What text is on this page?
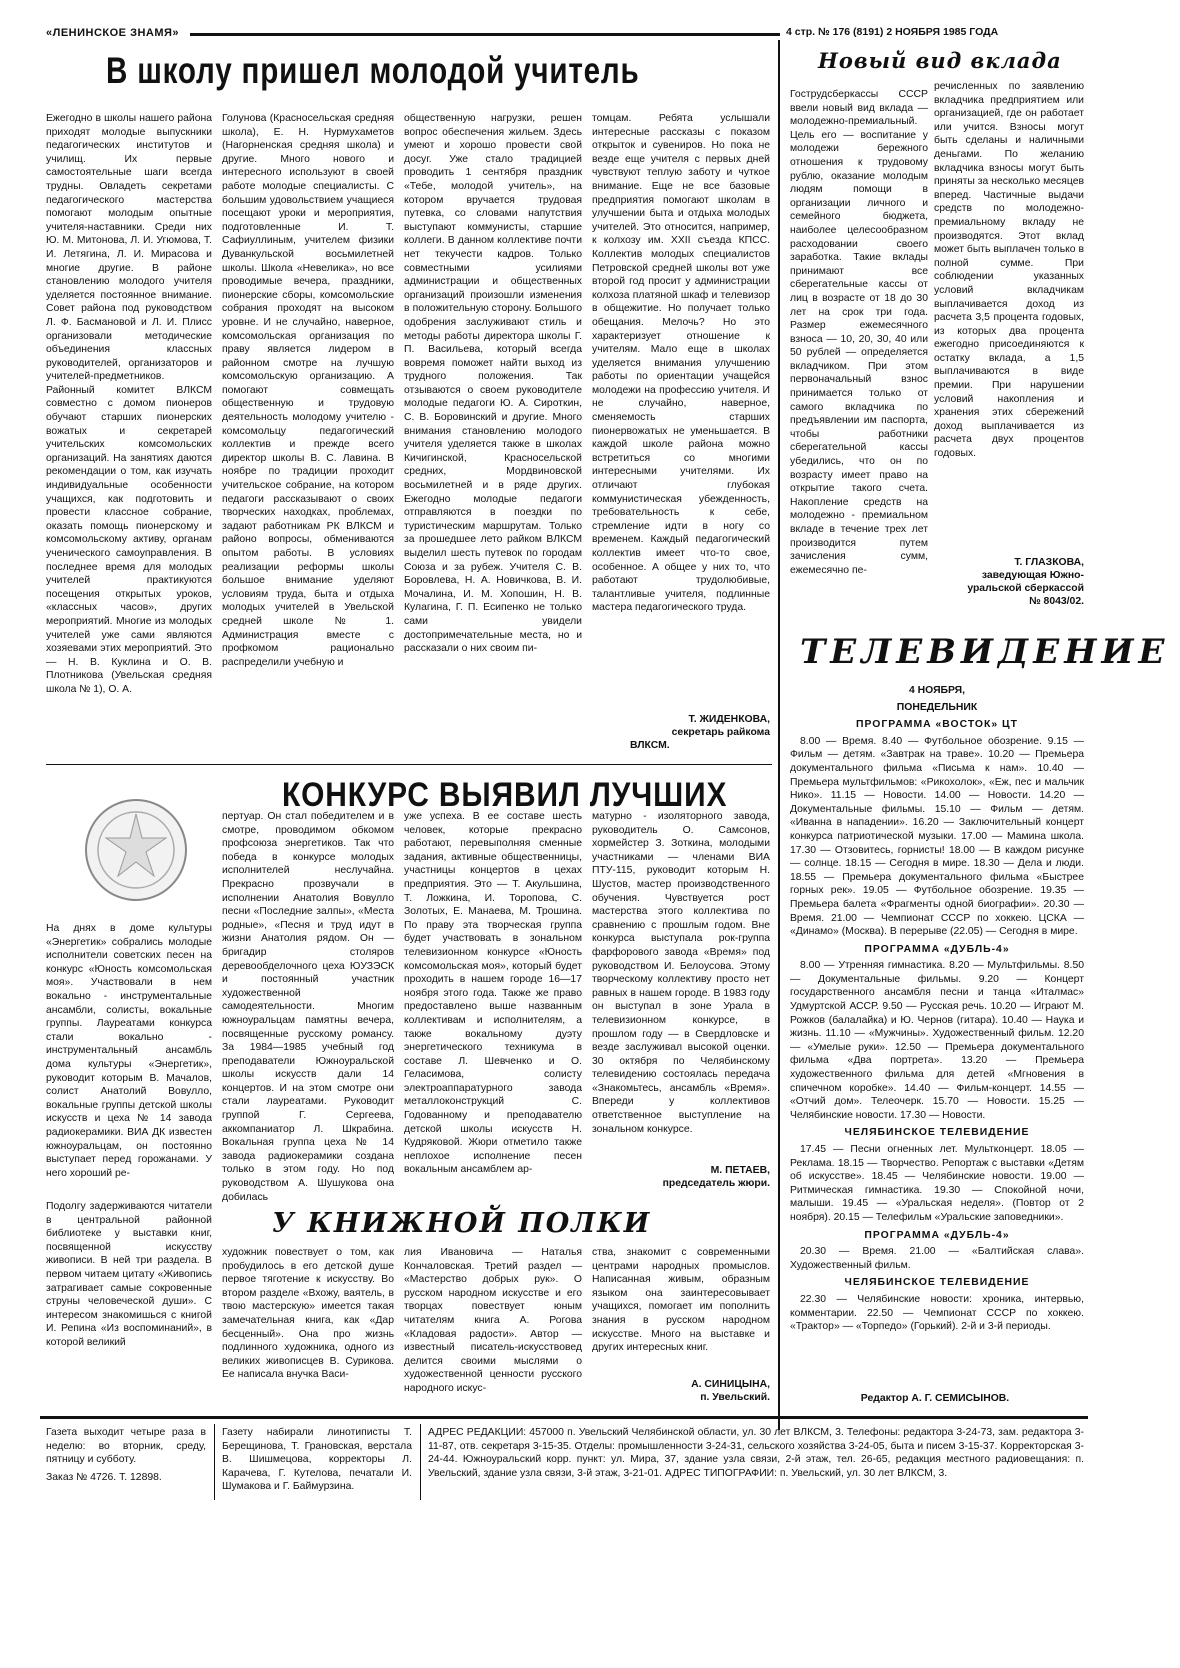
«ЛЕНИНСКОЕ ЗНАМЯ»	4 стр. № 176 (8191) 2 НОЯБРЯ 1985 ГОДА
В школу пришел молодой учитель
Ежегодно в школы нашего района приходят молодые выпускники педагогических институтов и училищ. Их первые самостоятельные шаги всегда трудны. Овладеть секретами педагогического мастерства помогают молодым опытные учителя-наставники. Среди них Ю. М. Митонова, Л. И. Угюмова, Т. И. Летягина, Л. И. Мирасова и многие другие. В районе становлению молодого учителя уделяется постоянное внимание. Совет района под руководством Л. Ф. Басмановой и Л. И. Плисс организовали методические объединения классных руководителей, организаторов и учителей-предметников. Районный комитет ВЛКСМ совместно с домом пионеров обучают старших пионерских вожатых и секретарей учительских комсомольских организаций. На занятиях даются рекомендации о том, как изучать индивидуальные особенности учащихся, как подготовить и провести классное собрание, оказать помощь пионерскому и комсомольскому активу, органам ученического самоуправления. В последнее время для молодых учителей практикуются посещения открытых уроков, «классных часов», других мероприятий. Многие из молодых учителей уже сами являются хозяевами этих мероприятий. Это — Н. В. Куклина и О. В. Плотникова (Увельская средняя школа № 1), О. А.
Голунова (Красносельская средняя школа), Е. Н. Нурмухаметов (Нагорненская средняя школа) и другие. Много нового и интересного используют в своей работе молодые специалисты. С большим удовольствием учащиеся посещают уроки и мероприятия, подготовленные И. Т. Сафиуллиным, учителем физики Дуванкульской восьмилетней школы. Школа «Невелика», но все проводимые вечера, праздники, пионерские сборы, комсомольские собрания проходят на высоком уровне. И не случайно, наверное, комсомольская организация по праву является лидером в районном смотре на лучшую комсомольскую организацию. А помогают совмещать общественную и трудовую деятельность молодому учителю - комсомольцу педагогический коллектив и прежде всего директор школы В. С. Лавина. В ноябре по традиции проходит учительское собрание, на котором педагоги рассказывают о своих творческих находках, проблемах, задают работникам РК ВЛКСМ и районо вопросы, обмениваются опытом работы. В условиях реализации реформы школы большое внимание уделяют условиям труда, быта и отдыха молодых учителей в Увельской средней школе № 1. Администрация вместе с профкомом рационально распределили учебную и
общественную нагрузки, решен вопрос обеспечения жильем. Здесь умеют и хорошо провести свой досуг. Уже стало традицией проводить 1 сентября праздник «Тебе, молодой учитель», на котором вручается трудовая путевка, со словами напутствия выступают коммунисты, старшие коллеги. В данном коллективе почти нет текучести кадров. Только совместными усилиями администрации и общественных организаций произошли изменения в положительную сторону. Большого одобрения заслуживают стиль и методы работы директора школы Г. П. Васильева, который всегда вовремя поможет найти выход из трудного положения. Так отзываются о своем руководителе молодые педагоги Ю. А. Сироткин, С. В. Боровинский и другие. Много внимания становлению молодого учителя уделяется также в школах Кичигинской, Красносельской средних, Мордвиновской восьмилетней и в ряде других. Ежегодно молодые педагоги отправляются в поездки по туристическим маршрутам. Только за прошедшее лето райком ВЛКСМ выделил шесть путевок по городам Союза и за рубеж. Учителя С. В. Боровлева, Н. А. Новичкова, В. И. Мочалина, И. М. Хопошин, Н. В. Кулагина, Г. П. Есипенко не только сами увидели достопримечательные места, но и рассказали о них своим пи-
томцам. Ребята услышали интересные рассказы с показом открыток и сувениров. Но пока не везде еще учителя с первых дней чувствуют теплую заботу и чуткое внимание. Еще не все базовые предприятия помогают школам в улучшении быта и отдыха молодых учителей. Это относится, например, к колхозу им. XXII съезда КПСС. Коллектив молодых специалистов Петровской средней школы вот уже второй год просит у администрации колхоза платяной шкаф и телевизор в общежитие. Но получает только обещания. Мелочь? Но это характеризует отношение к учителям. Мало еще в школах уделяется внимания улучшению работы по ориентации учащейся молодежи на профессию учителя. И не случайно, наверное, сменяемость старших пионервожатых не уменьшается. В каждой школе района можно встретиться со многими интересными учителями. Их отличают глубокая коммунистическая убежденность, требовательность к себе, стремление идти в ногу со временем. Каждый педагогический коллектив имеет что-то свое, особенное. А общее у них то, что работают трудолюбивые, талантливые учителя, подлинные мастера педагогического труда.
Т. ЖИДЕНКОВА,
секретарь райкома
ВЛКСМ.
Новый вид вклада
Гострудсберкассы СССР ввели новый вид вклада — молодежно-премиальный. Цель его — воспитание у молодежи бережного отношения к трудовому рублю, оказание молодым людям помощи в организации личного и семейного бюджета, наиболее целесообразном расходовании своего заработка. Такие вклады принимают все сберегательные кассы от лиц в возрасте от 18 до 30 лет на срок три года. Размер ежемесячного взноса — 10, 20, 30, 40 или 50 рублей — определяется вкладчиком. При этом первоначальный взнос принимается только от самого вкладчика по предъявлении им паспорта, чтобы работники сберегательной кассы убедились, что он по возрасту имеет право на открытие такого счета. Накопление средств на молодежно - премиальном вкладе в течение трех лет производится путем зачисления сумм, ежемесячно пе-
речисленных по заявлению вкладчика предприятием или организацией, где он работает или учится. Взносы могут быть сделаны и наличными деньгами. По желанию вкладчика взносы могут быть приняты за несколько месяцев вперед. Частичные выдачи средств по молодежно-премиальному вкладу не производятся. Этот вклад может быть выплачен только в полной сумме. При соблюдении указанных условий вкладчикам выплачивается доход из расчета 3,5 процента годовых, из которых два процента ежегодно присоединяются к остатку вклада, а 1,5 выплачиваются в виде премии. При нарушении условий накопления и хранения этих сбережений доход выплачивается из расчета двух процентов годовых.
Т. ГЛАЗКОВА,
заведующая Южно-
уральской сберкассой
№ 8043/02.
ТЕЛЕВИДЕНИЕ
4 НОЯБРЯ,
ПОНЕДЕЛЬНИК
ПРОГРАММА «ВОСТОК» ЦТ

8.00 — Время. 8.40 — Футбольное обозрение. 9.15 — Фильм — детям. «Завтрак на траве». 10.20 — Премьера документального фильма «Письма к нам». 10.40 — Премьера мультфильмов: «Рикохолок», «Еж, пес и мальчик Нико». 11.15 — Новости. 14.00 — Новости. 14.20 — Документальные фильмы. 15.10 — Фильм — детям. «Иванна в нападении». 16.20 — Заключительный концерт конкурса патриотической музыки. 17.00 — Мамина школа. 17.30 — Отзовитесь, горнисты! 18.00 — В каждом рисунке — солнце. 18.15 — Сегодня в мире. 18.30 — Дела и люди. 18.55 — Премьера документального фильма «Быстрее горных рек». 19.05 — Футбольное обозрение. 19.35 — Премьера балета «Фрагменты одной биографии». 20.30 — Время. 21.00 — Чемпионат СССР по хоккею. ЦСКА — «Динамо» (Москва). В перерыве (22.05) — Сегодня в мире.

ПРОГРАММА «ДУБЛЬ-4»

8.00 — Утренняя гимнастика. 8.20 — Мультфильмы. 8.50 — Документальные фильмы. 9.20 — Концерт государственного ансамбля песни и танца «Италмас» Удмуртской АССР. 9.50 — Русская речь. 10.20 — Играют М. Рожков (балалайка) и Ю. Чернов (гитара). 10.40 — Наука и жизнь. 11.10 — «Мужчины». Художественный фильм. 12.20 — «Умелые руки». 12.50 — Премьера документального фильма «Два портрета». 13.20 — Премьера художественного фильма для детей «Мгновения в спичечном коробке». 14.40 — Фильм-концерт. 14.55 — «Отчий дом». Телеочерк. 15.70 — Новости. 15.25 — Челябинские новости. 17.30 — Новости.

ЧЕЛЯБИНСКОЕ ТЕЛЕВИДЕНИЕ

17.45 — Песни огненных лет. Мультконцерт. 18.05 — Реклама. 18.15 — Творчество. Репортаж с выставки «Детям об искусстве». 18.45 — Челябинские новости. 19.00 — Ритмическая гимнастика. 19.30 — Спокойной ночи, малыши. 19.45 — «Уральская неделя». (Повтор от 2 ноября). 20.15 — Телефильм «Уральские заповедники».

ПРОГРАММА «ДУБЛЬ-4»

20.30 — Время. 21.00 — «Балтийская слава». Художественный фильм.

ЧЕЛЯБИНСКОЕ ТЕЛЕВИДЕНИЕ

22.30 — Челябинские новости: хроника, интервью, комментарии. 22.50 — Чемпионат СССР по хоккею. «Трактор» — «Торпедо» (Горький). 2-й и 3-й периоды.

КОНКУРС ВЫЯВИЛ ЛУЧШИХ
На днях в доме культуры «Энергетик» собрались молодые исполнители советских песен на конкурс «Юность комсомольская моя». Участвовали в нем вокально - инструментальные ансамбли, солисты, вокальные группы. Лауреатами конкурса стали вокально - инструментальный ансамбль дома культуры «Энергетик», руководит которым В. Мачалов, солист Анатолий Вовулло, вокальные группы детской школы искусств и цеха № 14 завода радиокерамики. ВИА ДК известен южноуральцам, он постоянно выступает перед горожанами. У него хороший ре-
пертуар. Он стал победителем и в смотре, проводимом обкомом профсоюза энергетиков. Так что победа в конкурсе молодых исполнителей неслучайна. Прекрасно прозвучали в исполнении Анатолия Вовулло песни «Последние залпы», «Места родные», «Песня и труд идут в жизни Анатолия рядом. Он — бригадир столяров деревообделочного цеха ЮУЗЭСК и постоянный участник художественной самодеятельности. Многим южноуральцам памятны вечера, посвященные русскому романсу. За 1984—1985 учебный год преподаватели Южноуральской школы искусств дали 14 концертов. И на этом смотре они стали лауреатами. Руководит группой Г. Сергеева, аккомпаниатор Л. Шкрабина. Вокальная группа цеха № 14 завода радиокерамики создана только в этом году. Но под руководством А. Шушукова она добилась
уже успеха. В ее составе шесть человек, которые прекрасно работают, перевыполняя сменные задания, активные общественницы, участницы концертов в цехах предприятия. Это — Т. Акульшина, Т. Ложкина, И. Торопова, С. Золотых, Е. Манаева, М. Трошина. По праву эта творческая группа будет участвовать в зональном телевизионном конкурсе «Юность комсомольская моя», который будет проходить в нашем городе 16—17 ноября этого года. Также же право предоставлено выше названным коллективам и исполнителям, а также вокальному дуэту энергетического техникума в составе Л. Шевченко и О. Геласимова, солисту электроаппаратурного завода металлоконструкций С. Годованному и преподавателю детской школы искусств Н. Кудряковой. Жюри отметило также неплохое исполнение песен вокальным ансамблем ар-
матурно - изоляторного завода, руководитель О. Самсонов, хормейстер З. Зоткина, молодыми участниками — членами ВИА ПТУ-115, руководит которым Н. Шустов, мастер производственного обучения. Чувствуется рост мастерства этого коллектива по сравнению с прошлым годом. Вне конкурса выступала рок-группа фарфорового завода «Время» под руководством И. Белоусова. Этому творческому коллективу просто нет равных в нашем городе. В 1983 году он выступал в зоне Урала в телевизионном конкурсе, в прошлом году — в Свердловске и везде заслуживал высокой оценки. 30 октября по Челябинскому телевидению состоялась передача «Знакомьтесь, ансамбль «Время». Впереди у коллективов ответственное выступление на зональном конкурсе.
М. ПЕТАЕВ,
председатель жюри.
У КНИЖНОЙ ПОЛКИ
Подолгу задерживаются читатели в центральной районной библиотеке у выставки книг, посвященной искусству живописи. В ней три раздела. В первом читаем цитату «Живопись затрагивает самые сокровенные струны человеческой души». С интересом знакомишься с книгой И. Репина «Из воспоминаний», в которой великий
художник повествует о том, как пробудилось в его детской душе первое тяготение к искусству. Во втором разделе «Вхожу, ваятель, в твою мастерскую» имеется такая замечательная книга, как «Дар бесценный». Она про жизнь подлинного художника, одного из великих живописцев В. Сурикова. Ее написала внучка Васи-
лия Ивановича — Наталья Кончаловская. Третий раздел — «Мастерство добрых рук». О русском народном искусстве и его творцах повествует юным читателям книга А. Рогова «Кладовая радости». Автор — известный писатель-искусствовед делится своими мыслями о художественной ценности русского народного искус-
ства, знакомит с современными центрами народных промыслов. Написанная живым, образным языком она заинтересовывает учащихся, помогает им пополнить знания в русском народном искусстве. Много на выставке и других интересных книг.
А. СИНИЦЫНА,
п. Увельский.	Редактор А. Г. СЕМИСЫНОВ.

Газета выходит четыре раза в неделю: во вторник, среду, пятницу и субботу.

Заказ № 4726. Т. 12898.

Газету набирали линотиписты Т. Берещинова, Т. Грановская, верстала В. Шишмецова, корректоры Л. Карачева, Г. Кутелова, печатали И. Шумакова и Г. Баймурзина.
АДРЕС РЕДАКЦИИ: 457000 п. Увельский Челябинской области, ул. 30 лет ВЛКСМ, 3. Телефоны: редактора 3-24-73, зам. редактора 3-11-87, отв. секретаря 3-15-35. Отделы: промышленности 3-24-31, сельского хозяйства 3-24-05, быта и писем 3-15-37. Корректорская 3-24-44. Южноуральский корр. пункт: ул. Мира, 37, здание узла связи, 2-й этаж, тел. 26-65, редакция местного радиовещания: п. Увельский, здание узла связи, 3-й этаж, 3-21-01. АДРЕС ТИПОГРАФИИ: п. Увельский, ул. 30 лет ВЛКСМ, 3.
